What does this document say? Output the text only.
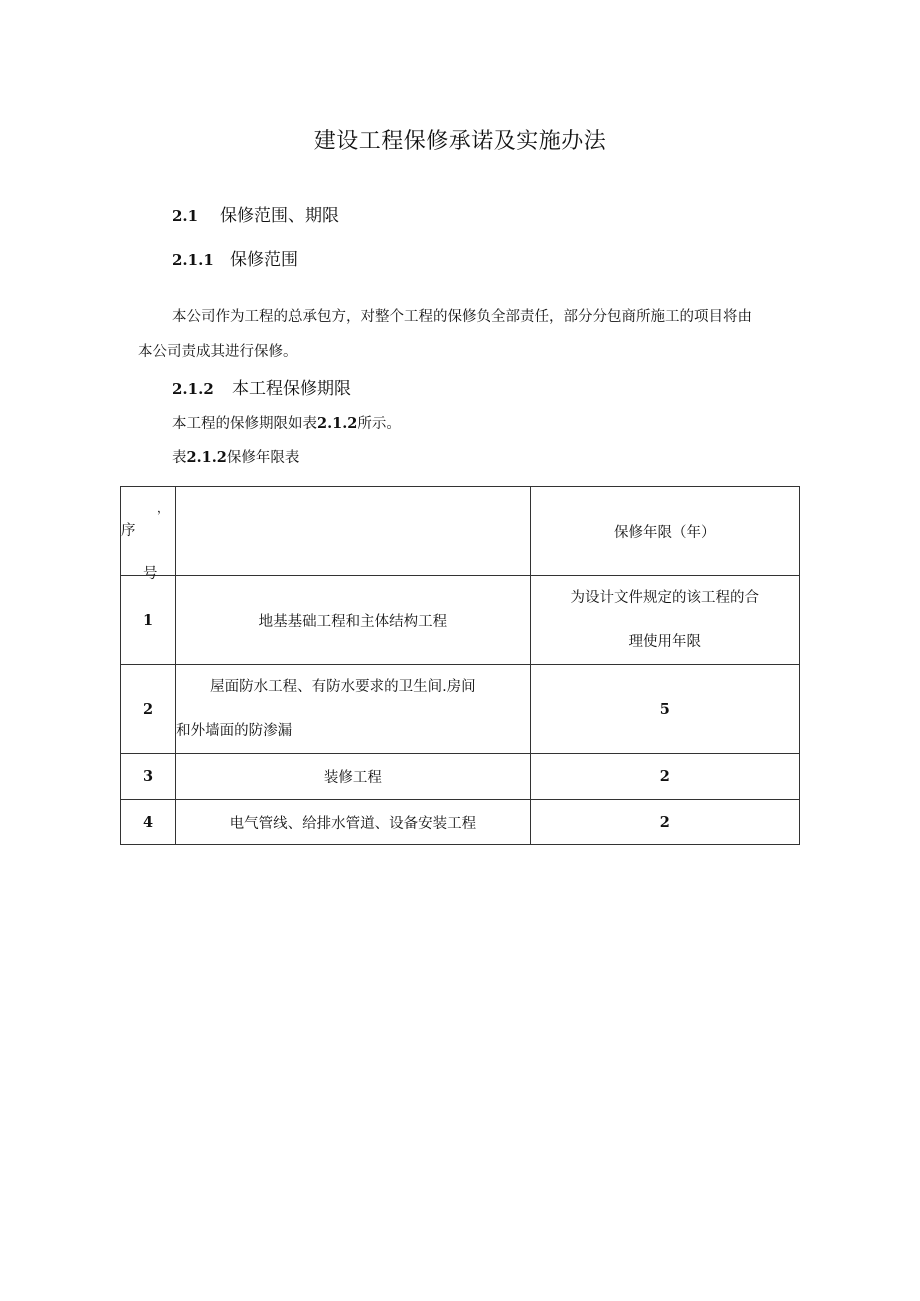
建设工程保修承诺及实施办法
2.1 保修范围、期限
2.1.1 保修范围
本公司作为工程的总承包方，对整个工程的保修负全部责任，部分分包商所施工的项目将由
本公司责成其进行保修。
2.1.2 本工程保修期限
本工程的保修期限如表2.1.2所示。
表2.1.2保修年限表
，
序
号		保修年限（年）
1	地基基础工程和主体结构工程	为设计文件规定的该工程的合
理使用年限

2	屋面防水工程、有防水要求的卫生间.房间
和外墙面的防渗漏	5
3	装修工程	2
4	电气管线、给排水管道、设备安装工程	2
